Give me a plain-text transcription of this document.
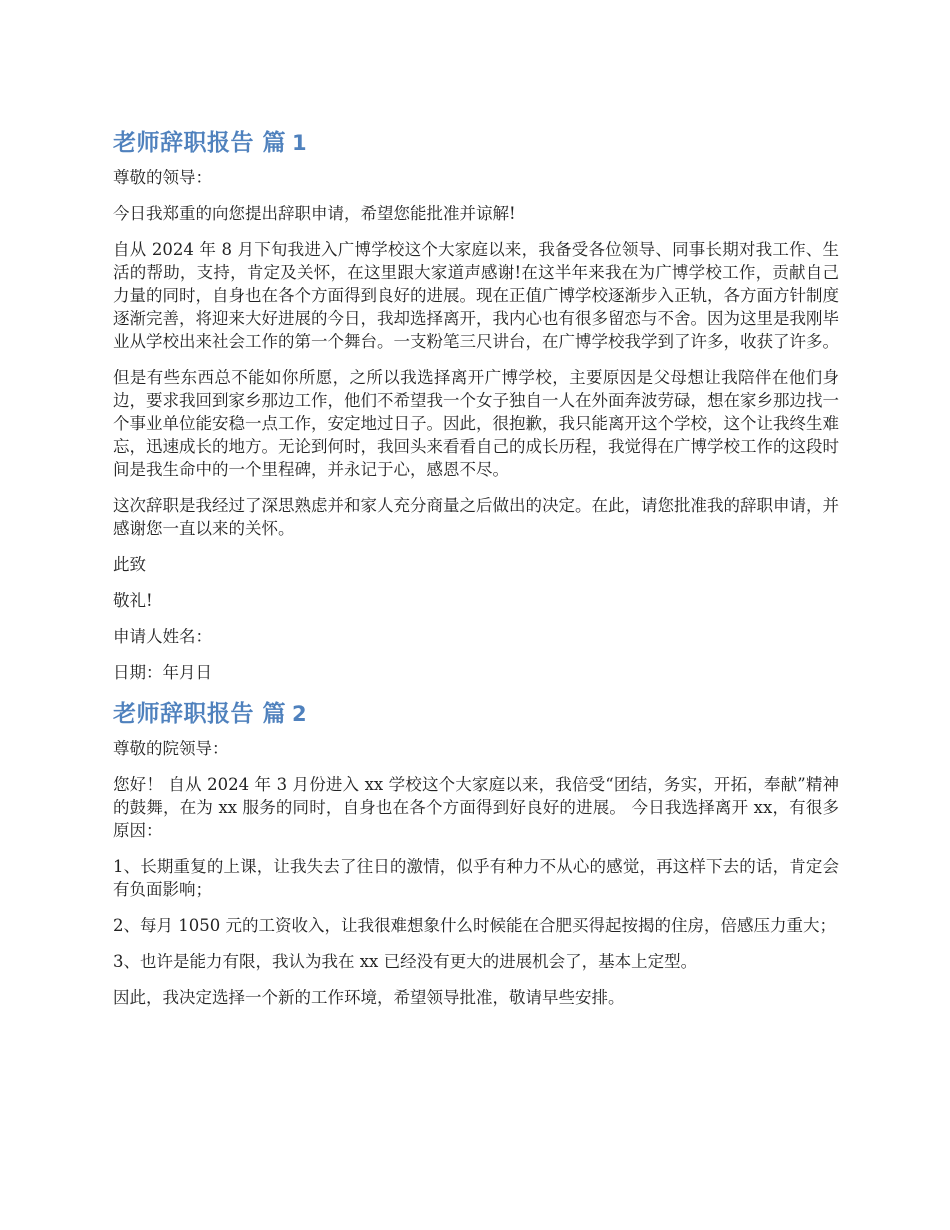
老师辞职报告 篇 1

尊敬的领导：

今日我郑重的向您提出辞职申请，希望您能批准并谅解!

自从 2024 年 8 月下旬我进入广博学校这个大家庭以来，我备受各位领导、同事长期对我工作、生活的帮助，支持，肯定及关怀，在这里跟大家道声感谢!在这半年来我在为广博学校工作，贡献自己力量的同时，自身也在各个方面得到良好的进展。现在正值广博学校逐渐步入正轨，各方面方针制度逐渐完善，将迎来大好进展的今日，我却选择离开，我内心也有很多留恋与不舍。因为这里是我刚毕业从学校出来社会工作的第一个舞台。一支粉笔三尺讲台，在广博学校我学到了许多，收获了许多。

但是有些东西总不能如你所愿，之所以我选择离开广博学校，主要原因是父母想让我陪伴在他们身边，要求我回到家乡那边工作，他们不希望我一个女子独自一人在外面奔波劳碌，想在家乡那边找一个事业单位能安稳一点工作，安定地过日子。因此，很抱歉，我只能离开这个学校，这个让我终生难忘，迅速成长的地方。无论到何时，我回头来看看自己的成长历程，我觉得在广博学校工作的这段时间是我生命中的一个里程碑，并永记于心，感恩不尽。

这次辞职是我经过了深思熟虑并和家人充分商量之后做出的决定。在此，请您批准我的辞职申请，并感谢您一直以来的关怀。

此致

敬礼!

申请人姓名：

日期：年月日

老师辞职报告 篇 2

尊敬的院领导：

您好！ 自从 2024 年 3 月份进入 xx 学校这个大家庭以来，我倍受“团结，务实，开拓，奉献”精神的鼓舞，在为 xx 服务的同时，自身也在各个方面得到好良好的进展。 今日我选择离开 xx，有很多原因：

1、长期重复的上课，让我失去了往日的激情，似乎有种力不从心的感觉，再这样下去的话，肯定会有负面影响；

2、每月 1050 元的工资收入，让我很难想象什么时候能在合肥买得起按揭的住房，倍感压力重大；

3、也许是能力有限，我认为我在 xx 已经没有更大的进展机会了，基本上定型。

因此，我决定选择一个新的工作环境，希望领导批准，敬请早些安排。
